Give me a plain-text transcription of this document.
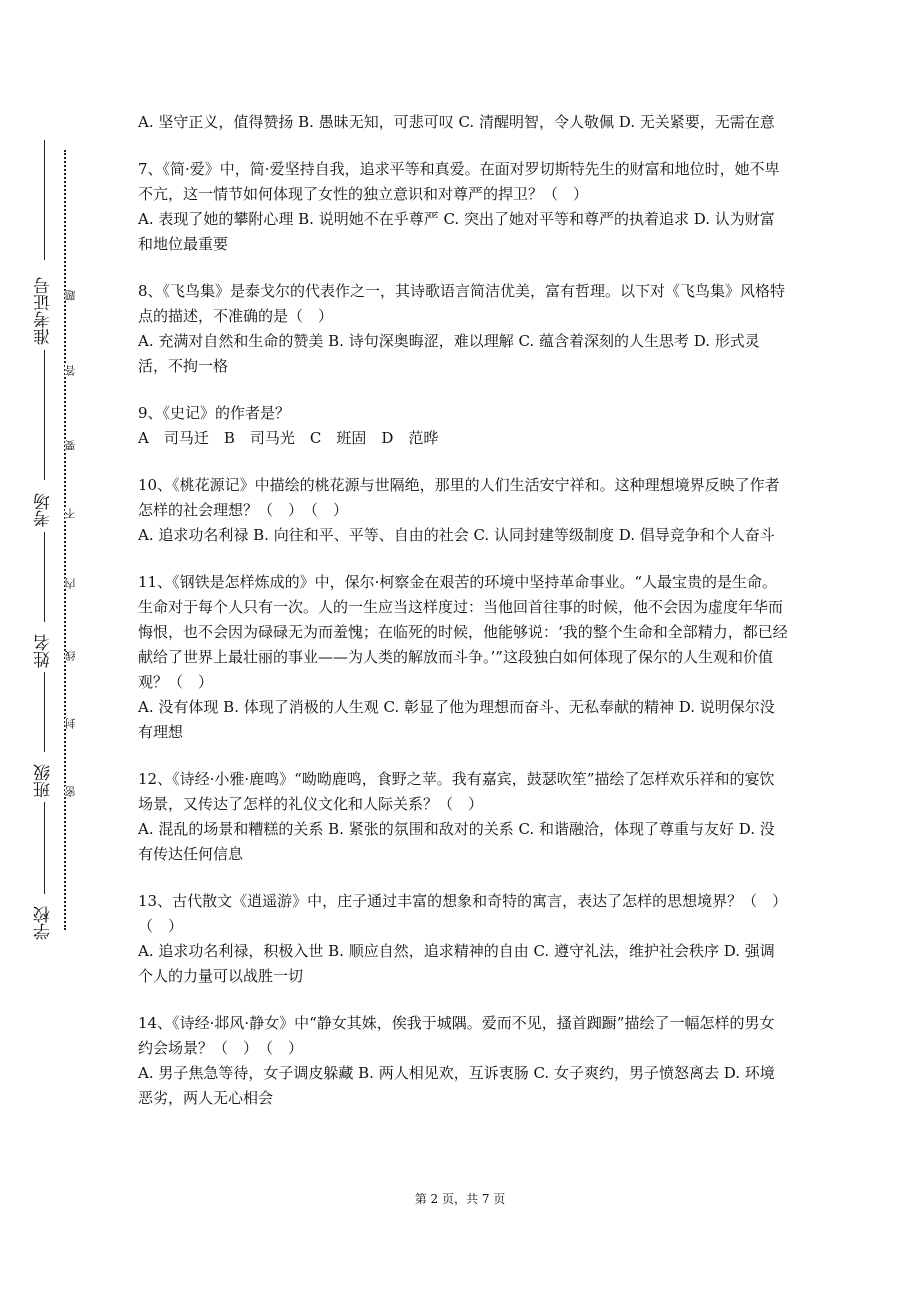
准考证号
考场
姓名
班级
学校
题
答
要
不
内
线
封
密

A. 坚守正义，值得赞扬 B. 愚昧无知，可悲可叹 C. 清醒明智，令人敬佩 D. 无关紧要，无需在意

7、《简·爱》中，简·爱坚持自我，追求平等和真爱。在面对罗切斯特先生的财富和地位时，她不卑不亢，这一情节如何体现了女性的独立意识和对尊严的捍卫？（　）

A. 表现了她的攀附心理 B. 说明她不在乎尊严 C. 突出了她对平等和尊严的执着追求 D. 认为财富和地位最重要

8、《飞鸟集》是泰戈尔的代表作之一，其诗歌语言简洁优美，富有哲理。以下对《飞鸟集》风格特点的描述，不准确的是（　）

A. 充满对自然和生命的赞美 B. 诗句深奥晦涩，难以理解 C. 蕴含着深刻的人生思考 D. 形式灵活，不拘一格

9、《史记》的作者是？

A　司马迁　B　司马光　C　班固　D　范晔

10、《桃花源记》中描绘的桃花源与世隔绝，那里的人们生活安宁祥和。这种理想境界反映了作者怎样的社会理想？（　）　（　）

A. 追求功名利禄 B. 向往和平、平等、自由的社会 C. 认同封建等级制度 D. 倡导竞争和个人奋斗

11、《钢铁是怎样炼成的》中，保尔·柯察金在艰苦的环境中坚持革命事业。“人最宝贵的是生命。生命对于每个人只有一次。人的一生应当这样度过：当他回首往事的时候，他不会因为虚度年华而悔恨，也不会因为碌碌无为而羞愧；在临死的时候，他能够说：‘我的整个生命和全部精力，都已经献给了世界上最壮丽的事业——为人类的解放而斗争。’”这段独白如何体现了保尔的人生观和价值观？（　）

A. 没有体现 B. 体现了消极的人生观 C. 彰显了他为理想而奋斗、无私奉献的精神 D. 说明保尔没有理想

12、《诗经·小雅·鹿鸣》“呦呦鹿鸣，食野之苹。我有嘉宾，鼓瑟吹笙”描绘了怎样欢乐祥和的宴饮场景，又传达了怎样的礼仪文化和人际关系？（　）

A. 混乱的场景和糟糕的关系 B. 紧张的氛围和敌对的关系 C. 和谐融洽，体现了尊重与友好 D. 没有传达任何信息

13、古代散文《逍遥游》中，庄子通过丰富的想象和奇特的寓言，表达了怎样的思想境界？（　）　（　）

A. 追求功名利禄，积极入世 B. 顺应自然，追求精神的自由 C. 遵守礼法，维护社会秩序 D. 强调个人的力量可以战胜一切

14、《诗经·邶风·静女》中“静女其姝，俟我于城隅。爱而不见，搔首踟蹰”描绘了一幅怎样的男女约会场景？（　）　（　）

A. 男子焦急等待，女子调皮躲藏 B. 两人相见欢，互诉衷肠 C. 女子爽约，男子愤怒离去 D. 环境恶劣，两人无心相会

第 2 页，共 7 页
